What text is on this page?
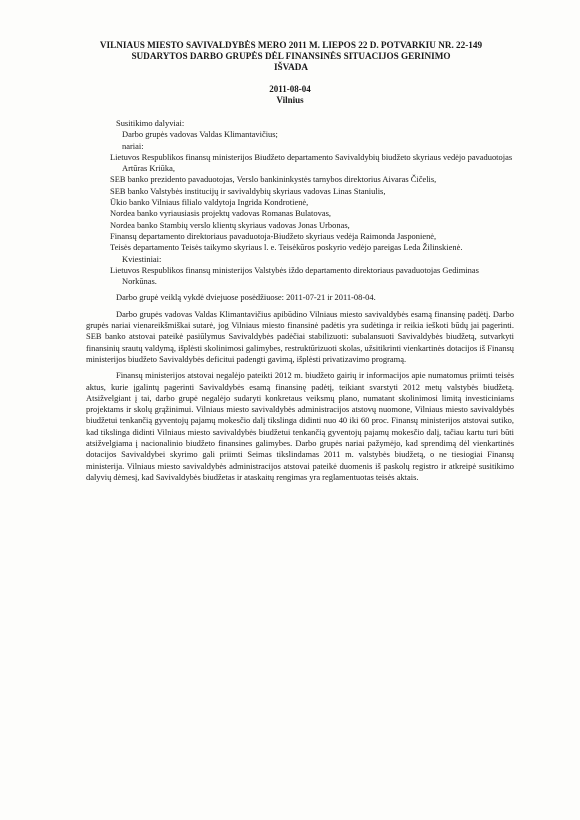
VILNIAUS MIESTO SAVIVALDYBĖS MERO 2011 M. LIEPOS 22 D. POTVARKIU NR. 22-149
SUDARYTOS DARBO GRUPĖS DĖL FINANSINĖS SITUACIJOS GERINIMO
IŠVADA
2011-08-04
Vilnius

Susitikimo dalyviai:

Darbo grupės vadovas Valdas Klimantavičius;

nariai:

Lietuvos Respublikos finansų ministerijos Biudžeto departamento Savivaldybių biudžeto skyriaus vedėjo pavaduotojas Artūras Kriūka,

SEB banko prezidento pavaduotojas, Verslo bankininkystės tarnybos direktorius Aivaras Čičelis,

SEB banko Valstybės institucijų ir savivaldybių skyriaus vadovas Linas Staniulis,

Ūkio banko Vilniaus filialo valdytoja Ingrida Kondrotienė,

Nordea banko vyriausiasis projektų vadovas Romanas Bulatovas,

Nordea banko Stambių verslo klientų skyriaus vadovas Jonas Urbonas,

Finansų departamento direktoriaus pavaduotoja-Biudžeto skyriaus vedėja Raimonda Jasponienė,

Teisės departamento Teisės taikymo skyriaus l. e. Teisėkūros poskyrio vedėjo pareigas Leda Žilinskienė.

Kviestiniai:

Lietuvos Respublikos finansų ministerijos Valstybės iždo departamento direktoriaus pavaduotojas Gediminas Norkūnas.

Darbo grupė veiklą vykdė dviejuose posėdžiuose: 2011-07-21 ir 2011-08-04.

Darbo grupės vadovas Valdas Klimantavičius apibūdino Vilniaus miesto savivaldybės esamą finansinę padėtį. Darbo grupės nariai vienareikšmiškai sutarė, jog Vilniaus miesto finansinė padėtis yra sudėtinga ir reikia ieškoti būdų jai pagerinti. SEB banko atstovai pateikė pasiūlymus Savivaldybės padėčiai stabilizuoti: subalansuoti Savivaldybės biudžetą, sutvarkyti finansinių srautų valdymą, išplėsti skolinimosi galimybes, restruktūrizuoti skolas, užsitikrinti vienkartinės dotacijos iš Finansų ministerijos biudžeto Savivaldybės deficitui padengti gavimą, išplėsti privatizavimo programą.

Finansų ministerijos atstovai negalėjo pateikti 2012 m. biudžeto gairių ir informacijos apie numatomus priimti teisės aktus, kurie įgalintų pagerinti Savivaldybės esamą finansinę padėtį, teikiant svarstyti 2012 metų valstybės biudžetą. Atsižvelgiant į tai, darbo grupė negalėjo sudaryti konkretaus veiksmų plano, numatant skolinimosi limitą investiciniams projektams ir skolų grąžinimui. Vilniaus miesto savivaldybės administracijos atstovų nuomone, Vilniaus miesto savivaldybės biudžetui tenkančią gyventojų pajamų mokesčio dalį tikslinga didinti nuo 40 iki 60 proc. Finansų ministerijos atstovai sutiko, kad tikslinga didinti Vilniaus miesto savivaldybės biudžetui tenkančią gyventojų pajamų mokesčio dalį, tačiau kartu turi būti atsižvelgiama į nacionalinio biudžeto finansines galimybes. Darbo grupės nariai pažymėjo, kad sprendimą dėl vienkartinės dotacijos Savivaldybei skyrimo gali priimti Seimas tikslindamas 2011 m. valstybės biudžetą, o ne tiesiogiai Finansų ministerija. Vilniaus miesto savivaldybės administracijos atstovai pateikė duomenis iš paskolų registro ir atkreipė susitikimo dalyvių dėmesį, kad Savivaldybės biudžetas ir ataskaitų rengimas yra reglamentuotas teisės aktais.
